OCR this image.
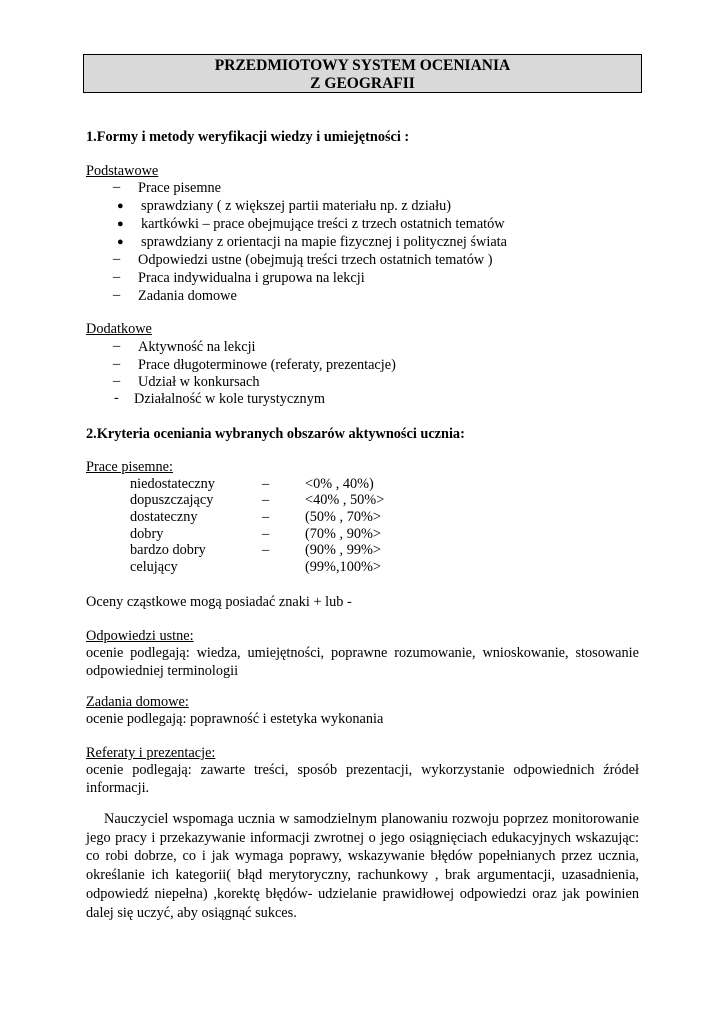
PRZEDMIOTOWY SYSTEM OCENIANIA
Z GEOGRAFII
1.Formy i metody weryfikacji wiedzy i umiejętności :
Podstawowe
– Prace pisemne
● sprawdziany ( z większej partii materiału np. z działu)
● kartkówki – prace obejmujące treści z trzech ostatnich tematów
● sprawdziany z orientacji na mapie fizycznej i politycznej świata
– Odpowiedzi ustne (obejmują treści trzech ostatnich tematów )
– Praca indywidualna i grupowa na lekcji
– Zadania domowe
Dodatkowe
– Aktywność na lekcji
– Prace długoterminowe (referaty, prezentacje)
– Udział w konkursach
- Działalność w kole turystycznym
2.Kryteria oceniania wybranych obszarów aktywności ucznia:
Prace pisemne:
niedostateczny	–	<0% , 40%)
dopuszczający	–	<40% , 50%>
dostateczny	–	(50% , 70%>
dobry	–	(70% , 90%>
bardzo dobry	–	(90% , 99%>
celujący	(99%,100%>
Oceny cząstkowe mogą posiadać znaki + lub -
Odpowiedzi ustne:
ocenie podlegają: wiedza, umiejętności, poprawne rozumowanie, wnioskowanie, stosowanie odpowiedniej terminologii
Zadania domowe:
ocenie podlegają: poprawność i estetyka wykonania
Referaty i prezentacje:
ocenie podlegają: zawarte treści, sposób prezentacji, wykorzystanie odpowiednich źródeł informacji.
Nauczyciel wspomaga ucznia w samodzielnym planowaniu rozwoju poprzez monitorowanie jego pracy i przekazywanie informacji zwrotnej o jego osiągnięciach edukacyjnych wskazując: co robi dobrze, co i jak wymaga poprawy, wskazywanie błędów popełnianych przez ucznia, określanie ich kategorii( błąd merytoryczny, rachunkowy , brak argumentacji, uzasadnienia, odpowiedź niepełna) ,korektę błędów- udzielanie prawidłowej odpowiedzi oraz jak powinien dalej się uczyć, aby osiągnąć sukces.
